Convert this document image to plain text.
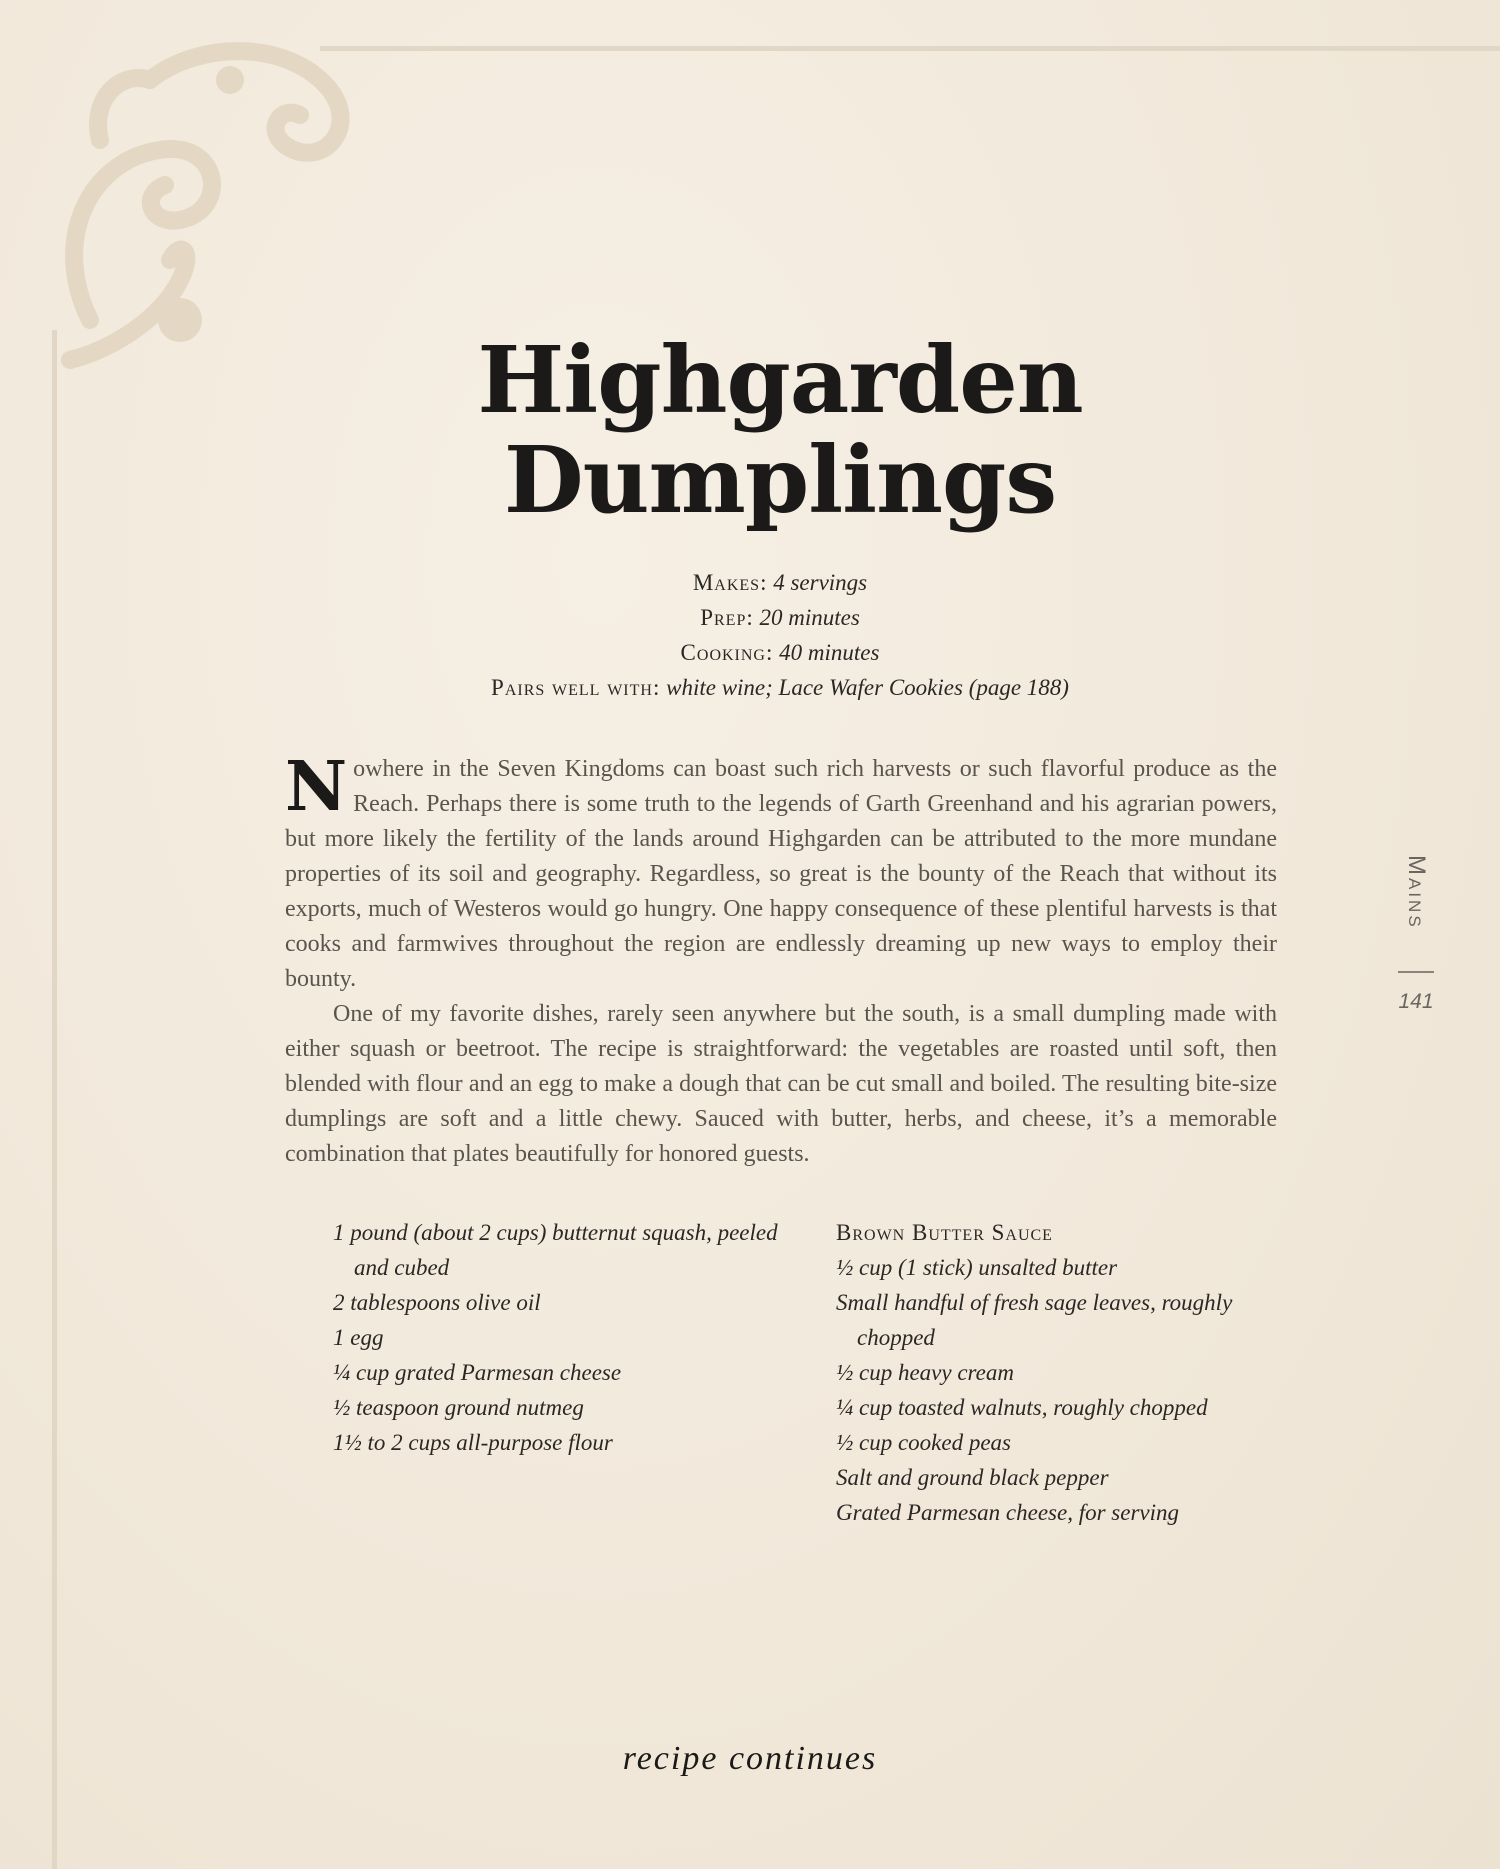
Highgarden
Dumplings
Makes: 4 servings
Prep: 20 minutes
Cooking: 40 minutes
Pairs well with: white wine; Lace Wafer Cookies (page 188)

Nowhere in the Seven Kingdoms can boast such rich harvests or such flavorful produce as the Reach. Perhaps there is some truth to the legends of Garth Greenhand and his agrarian powers, but more likely the fertility of the lands around Highgarden can be attributed to the more mundane properties of its soil and geography. Regardless, so great is the bounty of the Reach that without its exports, much of Westeros would go hungry. One happy consequence of these plentiful harvests is that cooks and farmwives throughout the region are endlessly dreaming up new ways to employ their bounty.

One of my favorite dishes, rarely seen anywhere but the south, is a small dumpling made with either squash or beetroot. The recipe is straightforward: the vegetables are roasted until soft, then blended with flour and an egg to make a dough that can be cut small and boiled. The resulting bite-size dumplings are soft and a little chewy. Sauced with butter, herbs, and cheese, it’s a memorable combination that plates beautifully for honored guests.

1 pound (about 2 cups) butternut squash, peeled and cubed
2 tablespoons olive oil
1 egg
¼ cup grated Parmesan cheese
½ teaspoon ground nutmeg
1½ to 2 cups all-purpose flour
Brown Butter Sauce
½ cup (1 stick) unsalted butter
Small handful of fresh sage leaves, roughly chopped
½ cup heavy cream
¼ cup toasted walnuts, roughly chopped
½ cup cooked peas
Salt and ground black pepper
Grated Parmesan cheese, for serving
Mains
141
recipe continues
